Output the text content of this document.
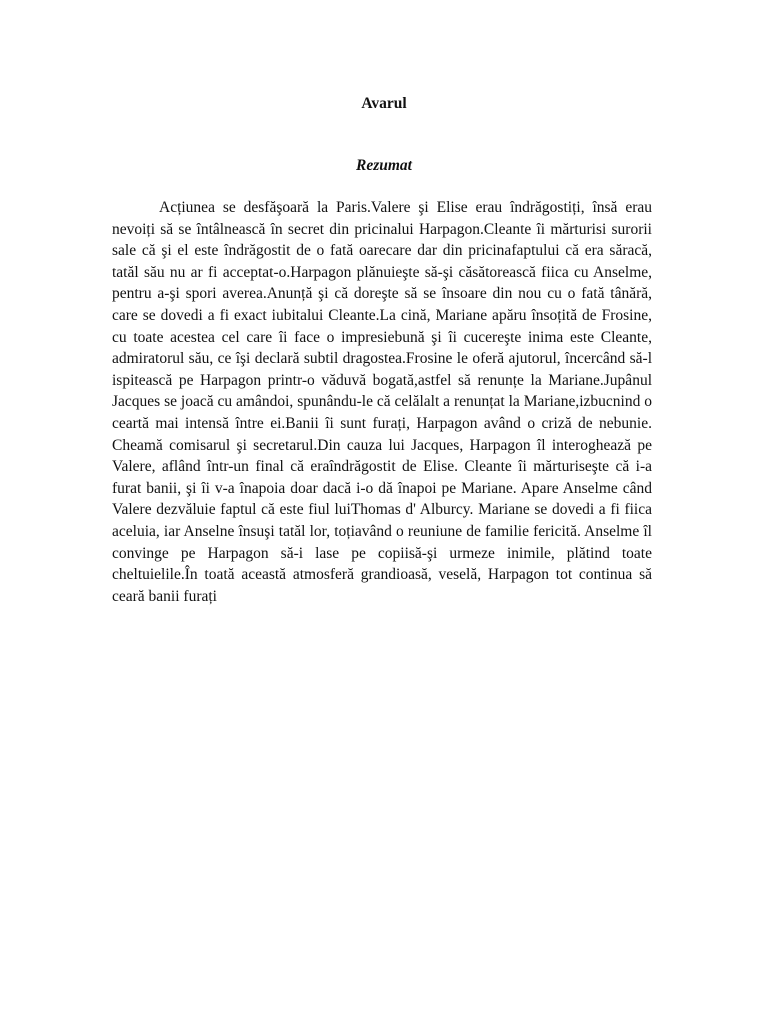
Avarul
Rezumat

Acțiunea se desfăşoară la Paris.Valere şi Elise erau îndrăgostiți, însă erau nevoiți să se întâlnească în secret din pricinalui Harpagon.Cleante îi mărturisi surorii sale că şi el este îndrăgostit de o fată oarecare dar din pricinafaptului că era săracă, tatăl său nu ar fi acceptat-o.Harpagon plănuieşte să-şi căsătorească fiica cu Anselme, pentru a-şi spori averea.Anunță şi că doreşte să se însoare din nou cu o fată tânără, care se dovedi a fi exact iubitalui Cleante.La cină, Mariane apăru însoțită de Frosine, cu toate acestea cel care îi face o impresiebună şi îi cucereşte inima este Cleante, admiratorul său, ce îşi declară subtil dragostea.Frosine le oferă ajutorul, încercând să-l ispitească pe Harpagon printr-o văduvă bogată,astfel să renunțe la Mariane.Jupânul Jacques se joacă cu amândoi, spunându-le că celălalt a renunțat la Mariane,izbucnind o ceartă mai intensă între ei.Banii îi sunt furați, Harpagon având o criză de nebunie. Cheamă comisarul şi secretarul.Din cauza lui Jacques, Harpagon îl interoghează pe Valere, aflând într-un final că eraîndrăgostit de Elise. Cleante îi mărturiseşte că i-a furat banii, şi îi v-a înapoia doar dacă i-o dă înapoi pe Mariane. Apare Anselme când Valere dezvăluie faptul că este fiul luiThomas d' Alburcy. Mariane se dovedi a fi fiica aceluia, iar Anselne însuşi tatăl lor, toțiavând o reuniune de familie fericită. Anselme îl convinge pe Harpagon să-i lase pe copiisă-şi urmeze inimile, plătind toate cheltuielile.În toată această atmosferă grandioasă, veselă, Harpagon tot continua să ceară banii furați
